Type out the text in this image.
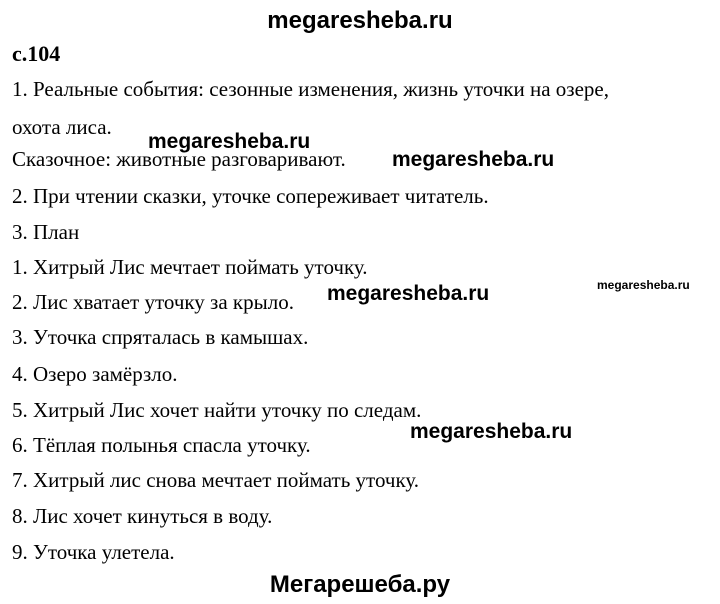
megaresheba.ru
с.104
1. Реальные события: сезонные изменения, жизнь уточки на озере,
охота лиса.
Сказочное: животные разговаривают.
2. При чтении сказки, уточке сопереживает читатель.
3. План
1. Хитрый Лис мечтает поймать уточку.
2. Лис хватает уточку за крыло.
3. Уточка спряталась в камышах.
4. Озеро замёрзло.
5. Хитрый Лис хочет найти уточку по следам.
6. Тёплая полынья спасла уточку.
7. Хитрый лис снова мечтает поймать уточку.
8. Лис хочет кинуться в воду.
9. Уточка улетела.
megaresheba.ru
megaresheba.ru
megaresheba.ru
megaresheba.ru
megaresheba.ru
Мегарешеба.ру
